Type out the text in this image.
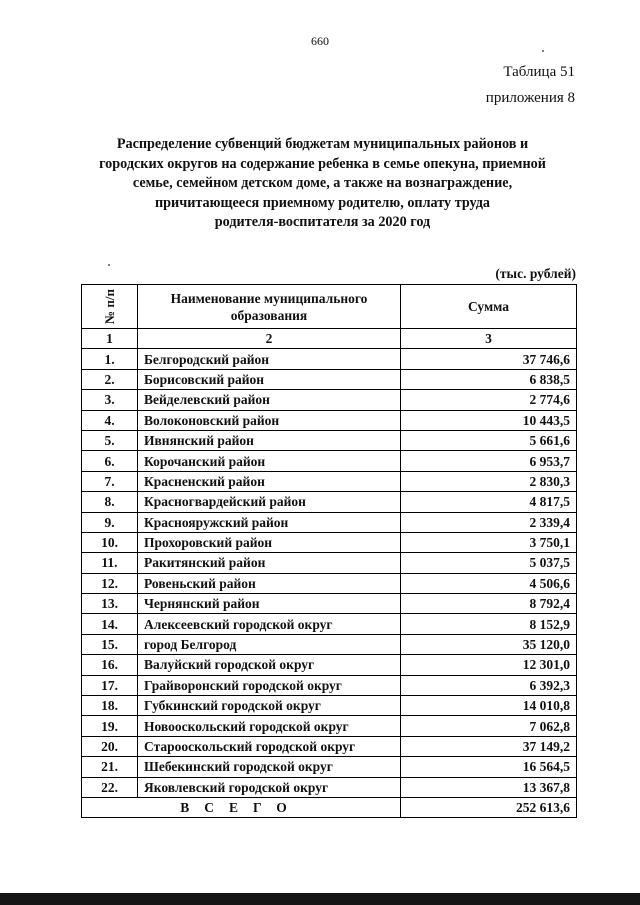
660
Таблица 51
приложения 8
Распределение субвенций бюджетам муниципальных районов и
городских округов на содержание ребенка в семье опекуна, приемной
семье, семейном детском доме, а также на вознаграждение,
причитающееся приемному родителю, оплату труда
родителя-воспитателя за 2020 год
(тыс. рублей)
№ п/п	Наименование муниципального образования	Сумма
1	2	3
1.	Белгородский район	37 746,6
2.	Борисовский район	6 838,5
3.	Вейделевский район	2 774,6
4.	Волоконовский район	10 443,5
5.	Ивнянский район	5 661,6
6.	Корочанский район	6 953,7
7.	Красненский район	2 830,3
8.	Красногвардейский район	4 817,5
9.	Краснояружский район	2 339,4
10.	Прохоровский район	3 750,1
11.	Ракитянский район	5 037,5
12.	Ровеньский район	4 506,6
13.	Чернянский район	8 792,4
14.	Алексеевский городской округ	8 152,9
15.	город Белгород	35 120,0
16.	Валуйский городской округ	12 301,0
17.	Грайворонский городской округ	6 392,3
18.	Губкинский городской округ	14 010,8
19.	Новооскольский городской округ	7 062,8
20.	Старооскольский городской округ	37 149,2
21.	Шебекинский городской округ	16 564,5
22.	Яковлевский городской округ	13 367,8
ВСЕГО		252 613,6
